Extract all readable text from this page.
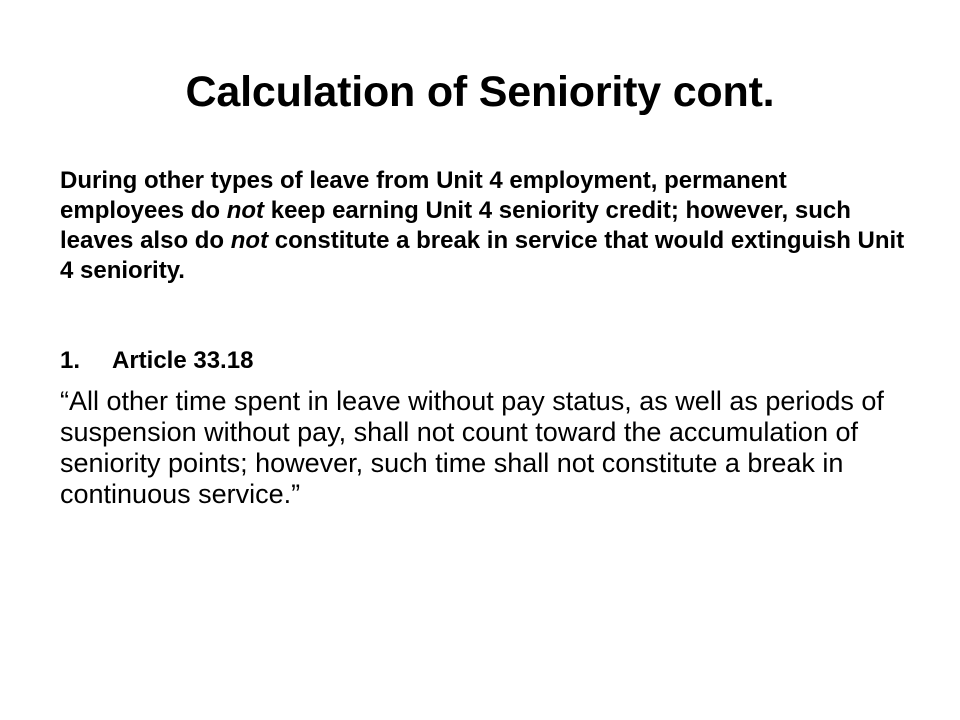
Calculation of Seniority cont.

During other types of leave from Unit 4 employment, permanent employees do not keep earning Unit 4 seniority credit; however, such leaves also do not constitute a break in service that would extinguish Unit 4 seniority.

1.	Article 33.18

“All other time spent in leave without pay status, as well as periods of suspension without pay, shall not count toward the accumulation of seniority points; however, such time shall not constitute a break in continuous service.”
